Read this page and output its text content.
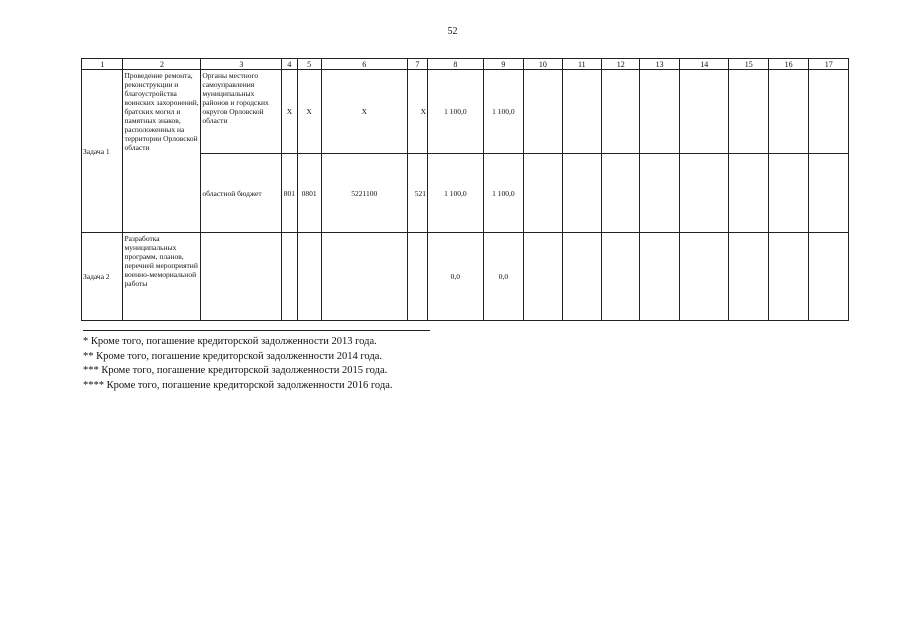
52
1	2	3	4	5	6	7	8	9	10	11	12	13	14	15	16	17
Задача 1	Проведение ремонта, реконструкции и благоустройства воинских захоронений, братских могил и памятных знаков, расположенных на территории Орловской области	Органы местного самоуправления муниципальных районов и городских округов Орловской области	X	X	X	X	1 100,0	1 100,0								
		областной бюджет	801	0801	5221100	521	1 100,0	1 100,0								
Задача 2	Разработка муниципальных программ, планов, перечней мероприятий военно-мемориальной работы						0,0	0,0								
* Кроме того, погашение кредиторской задолженности 2013 года.
** Кроме того, погашение кредиторской задолженности 2014 года.
*** Кроме того, погашение кредиторской задолженности 2015 года.
**** Кроме того, погашение кредиторской задолженности 2016 года.
